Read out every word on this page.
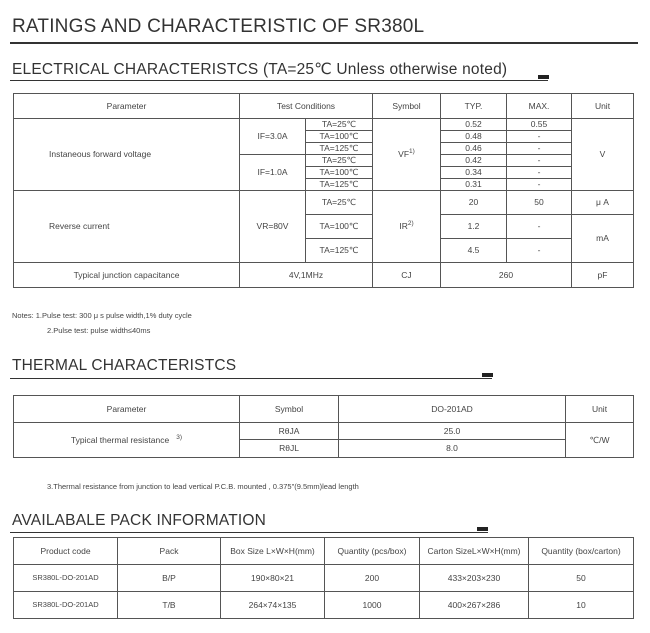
RATINGS AND CHARACTERISTIC OF SR380L
ELECTRICAL CHARACTERISTCS (TA=25℃ Unless otherwise noted)
Parameter	Test Conditions		Symbol	TYP.	MAX.	Unit
Instaneous forward voltage	IF=3.0A	TA=25℃	VF$^{1)}$	0.52	0.55	V
		TA=100℃		0.48	-	
		TA=125℃		0.46	-	
	IF=1.0A	TA=25℃		0.42	-	
		TA=100℃		0.34	-	
		TA=125℃		0.31	-	
Reverse current	VR=80V	TA=25℃	IR$^{2)}$	20	50	μ A
		TA=100℃		1.2	-	mA
		TA=125℃		4.5	-	
Typical junction capacitance	4V,1MHz		CJ	260		pF
Notes: 1.Pulse test: 300 μ s pulse width,1% duty cycle
2.Pulse test: pulse width≤40ms
THERMAL CHARACTERISTCS
Parameter	Symbol	DO-201AD	Unit
Typical thermal resistance $^{3)}$	RθJA	25.0	℃/W
	RθJL	8.0	
3.Thermal resistance from junction to lead vertical P.C.B. mounted , 0.375"(9.5mm)lead length
AVAILABALE PACK INFORMATION
Product code	Pack	Box Size L×W×H(mm)	Quantity (pcs/box)	Carton SizeL×W×H(mm)	Quantity (box/carton)
SR380L-DO-201AD	B/P	190×80×21	200	433×203×230	50
SR380L-DO-201AD	T/B	264×74×135	1000	400×267×286	10
